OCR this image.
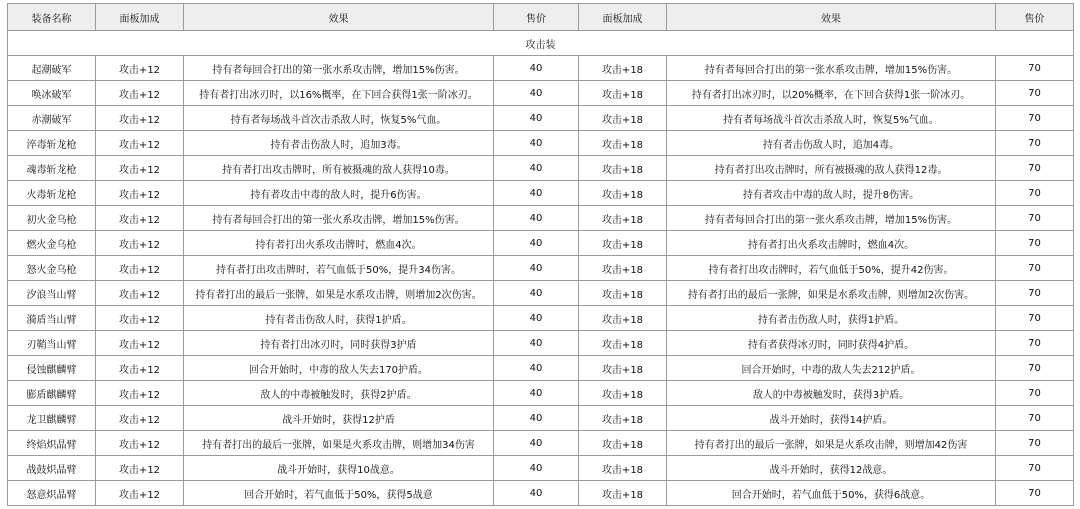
装备名称	面板加成	效果	售价	面板加成	效果	售价
攻击装						
起潮破军	攻击+12	持有者每回合打出的第一张水系攻击牌，增加15%伤害。	40	攻击+18	持有者每回合打出的第一张水系攻击牌，增加15%伤害。	70
唤冰破军	攻击+12	持有者打出冰刃时，以16%概率，在下回合获得1张一阶冰刃。	40	攻击+18	持有者打出冰刃时，以20%概率，在下回合获得1张一阶冰刃。	70
赤潮破军	攻击+12	持有者每场战斗首次击杀敌人时，恢复5%气血。	40	攻击+18	持有者每场战斗首次击杀敌人时，恢复5%气血。	70
淬毒斩龙枪	攻击+12	持有者击伤敌人时，追加3毒。	40	攻击+18	持有者击伤敌人时，追加4毒。	70
魂毒斩龙枪	攻击+12	持有者打出攻击牌时，所有被摄魂的敌人获得10毒。	40	攻击+18	持有者打出攻击牌时，所有被摄魂的敌人获得12毒。	70
火毒斩龙枪	攻击+12	持有者攻击中毒的敌人时，提升6伤害。	40	攻击+18	持有者攻击中毒的敌人时，提升8伤害。	70
初火金乌枪	攻击+12	持有者每回合打出的第一张火系攻击牌，增加15%伤害。	40	攻击+18	持有者每回合打出的第一张火系攻击牌，增加15%伤害。	70
燃火金乌枪	攻击+12	持有者打出火系攻击牌时，燃血4次。	40	攻击+18	持有者打出火系攻击牌时，燃血4次。	70
怒火金乌枪	攻击+12	持有者打出攻击牌时，若气血低于50%，提升34伤害。	40	攻击+18	持有者打出攻击牌时，若气血低于50%，提升42伤害。	70
汐浪当山臂	攻击+12	持有者打出的最后一张牌，如果是水系攻击牌，则增加2次伤害。	40	攻击+18	持有者打出的最后一张牌，如果是水系攻击牌，则增加2次伤害。	70
漪盾当山臂	攻击+12	持有者击伤敌人时，获得1护盾。	40	攻击+18	持有者击伤敌人时，获得1护盾。	70
刃鞘当山臂	攻击+12	持有者打出冰刃时，同时获得3护盾	40	攻击+18	持有者获得冰刃时，同时获得4护盾。	70
侵蚀麒麟臂	攻击+12	回合开始时，中毒的敌人失去170护盾。	40	攻击+18	回合开始时，中毒的敌人失去212护盾。	70
膨盾麒麟臂	攻击+12	敌人的中毒被触发时，获得2护盾。	40	攻击+18	敌人的中毒被触发时，获得3护盾。	70
龙卫麒麟臂	攻击+12	战斗开始时，获得12护盾	40	攻击+18	战斗开始时，获得14护盾。	70
终焰炽晶臂	攻击+12	持有者打出的最后一张牌，如果是火系攻击牌，则增加34伤害	40	攻击+18	持有者打出的最后一张牌，如果是火系攻击牌，则增加42伤害	70
战鼓炽晶臂	攻击+12	战斗开始时，获得10战意。	40	攻击+18	战斗开始时，获得12战意。	70
怒意炽晶臂	攻击+12	回合开始时，若气血低于50%，获得5战意	40	攻击+18	回合开始时，若气血低于50%，获得6战意。	70
